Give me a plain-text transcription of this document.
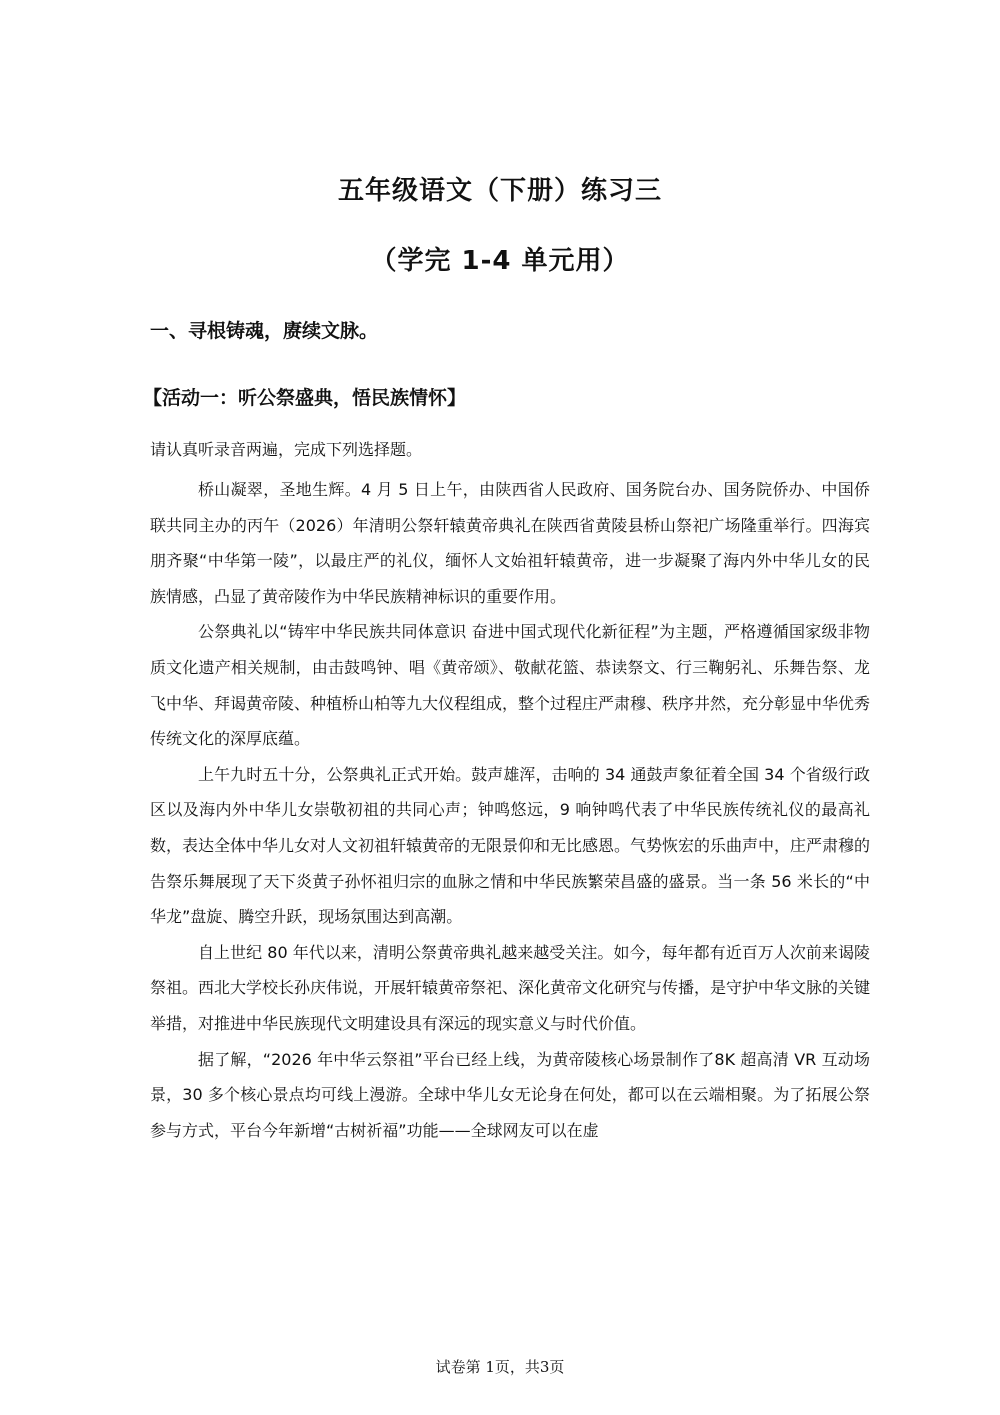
五年级语文（下册）练习三
（学完 1-4 单元用）
一、寻根铸魂，赓续文脉。
【活动一：听公祭盛典，悟民族情怀】

请认真听录音两遍，完成下列选择题。

桥山凝翠，圣地生辉。4 月 5 日上午，由陕西省人民政府、国务院台办、国务院侨办、中国侨联共同主办的丙午（2026）年清明公祭轩辕黄帝典礼在陕西省黄陵县桥山祭祀广场隆重举行。四海宾朋齐聚“中华第一陵”，以最庄严的礼仪，缅怀人文始祖轩辕黄帝，进一步凝聚了海内外中华儿女的民族情感，凸显了黄帝陵作为中华民族精神标识的重要作用。

公祭典礼以“铸牢中华民族共同体意识 奋进中国式现代化新征程”为主题，严格遵循国家级非物质文化遗产相关规制，由击鼓鸣钟、唱《黄帝颂》、敬献花篮、恭读祭文、行三鞠躬礼、乐舞告祭、龙飞中华、拜谒黄帝陵、种植桥山柏等九大仪程组成，整个过程庄严肃穆、秩序井然，充分彰显中华优秀传统文化的深厚底蕴。

上午九时五十分，公祭典礼正式开始。鼓声雄浑，击响的 34 通鼓声象征着全国 34 个省级行政区以及海内外中华儿女崇敬初祖的共同心声；钟鸣悠远，9 响钟鸣代表了中华民族传统礼仪的最高礼数，表达全体中华儿女对人文初祖轩辕黄帝的无限景仰和无比感恩。气势恢宏的乐曲声中，庄严肃穆的告祭乐舞展现了天下炎黄子孙怀祖归宗的血脉之情和中华民族繁荣昌盛的盛景。当一条 56 米长的“中华龙”盘旋、腾空升跃，现场氛围达到高潮。

自上世纪 80 年代以来，清明公祭黄帝典礼越来越受关注。如今，每年都有近百万人次前来谒陵祭祖。西北大学校长孙庆伟说，开展轩辕黄帝祭祀、深化黄帝文化研究与传播，是守护中华文脉的关键举措，对推进中华民族现代文明建设具有深远的现实意义与时代价值。

据了解，“2026 年中华云祭祖”平台已经上线，为黄帝陵核心场景制作了8K 超高清 VR 互动场景，30 多个核心景点均可线上漫游。全球中华儿女无论身在何处，都可以在云端相聚。为了拓展公祭参与方式，平台今年新增“古树祈福”功能——全球网友可以在虚

试卷第 1页，共3页
